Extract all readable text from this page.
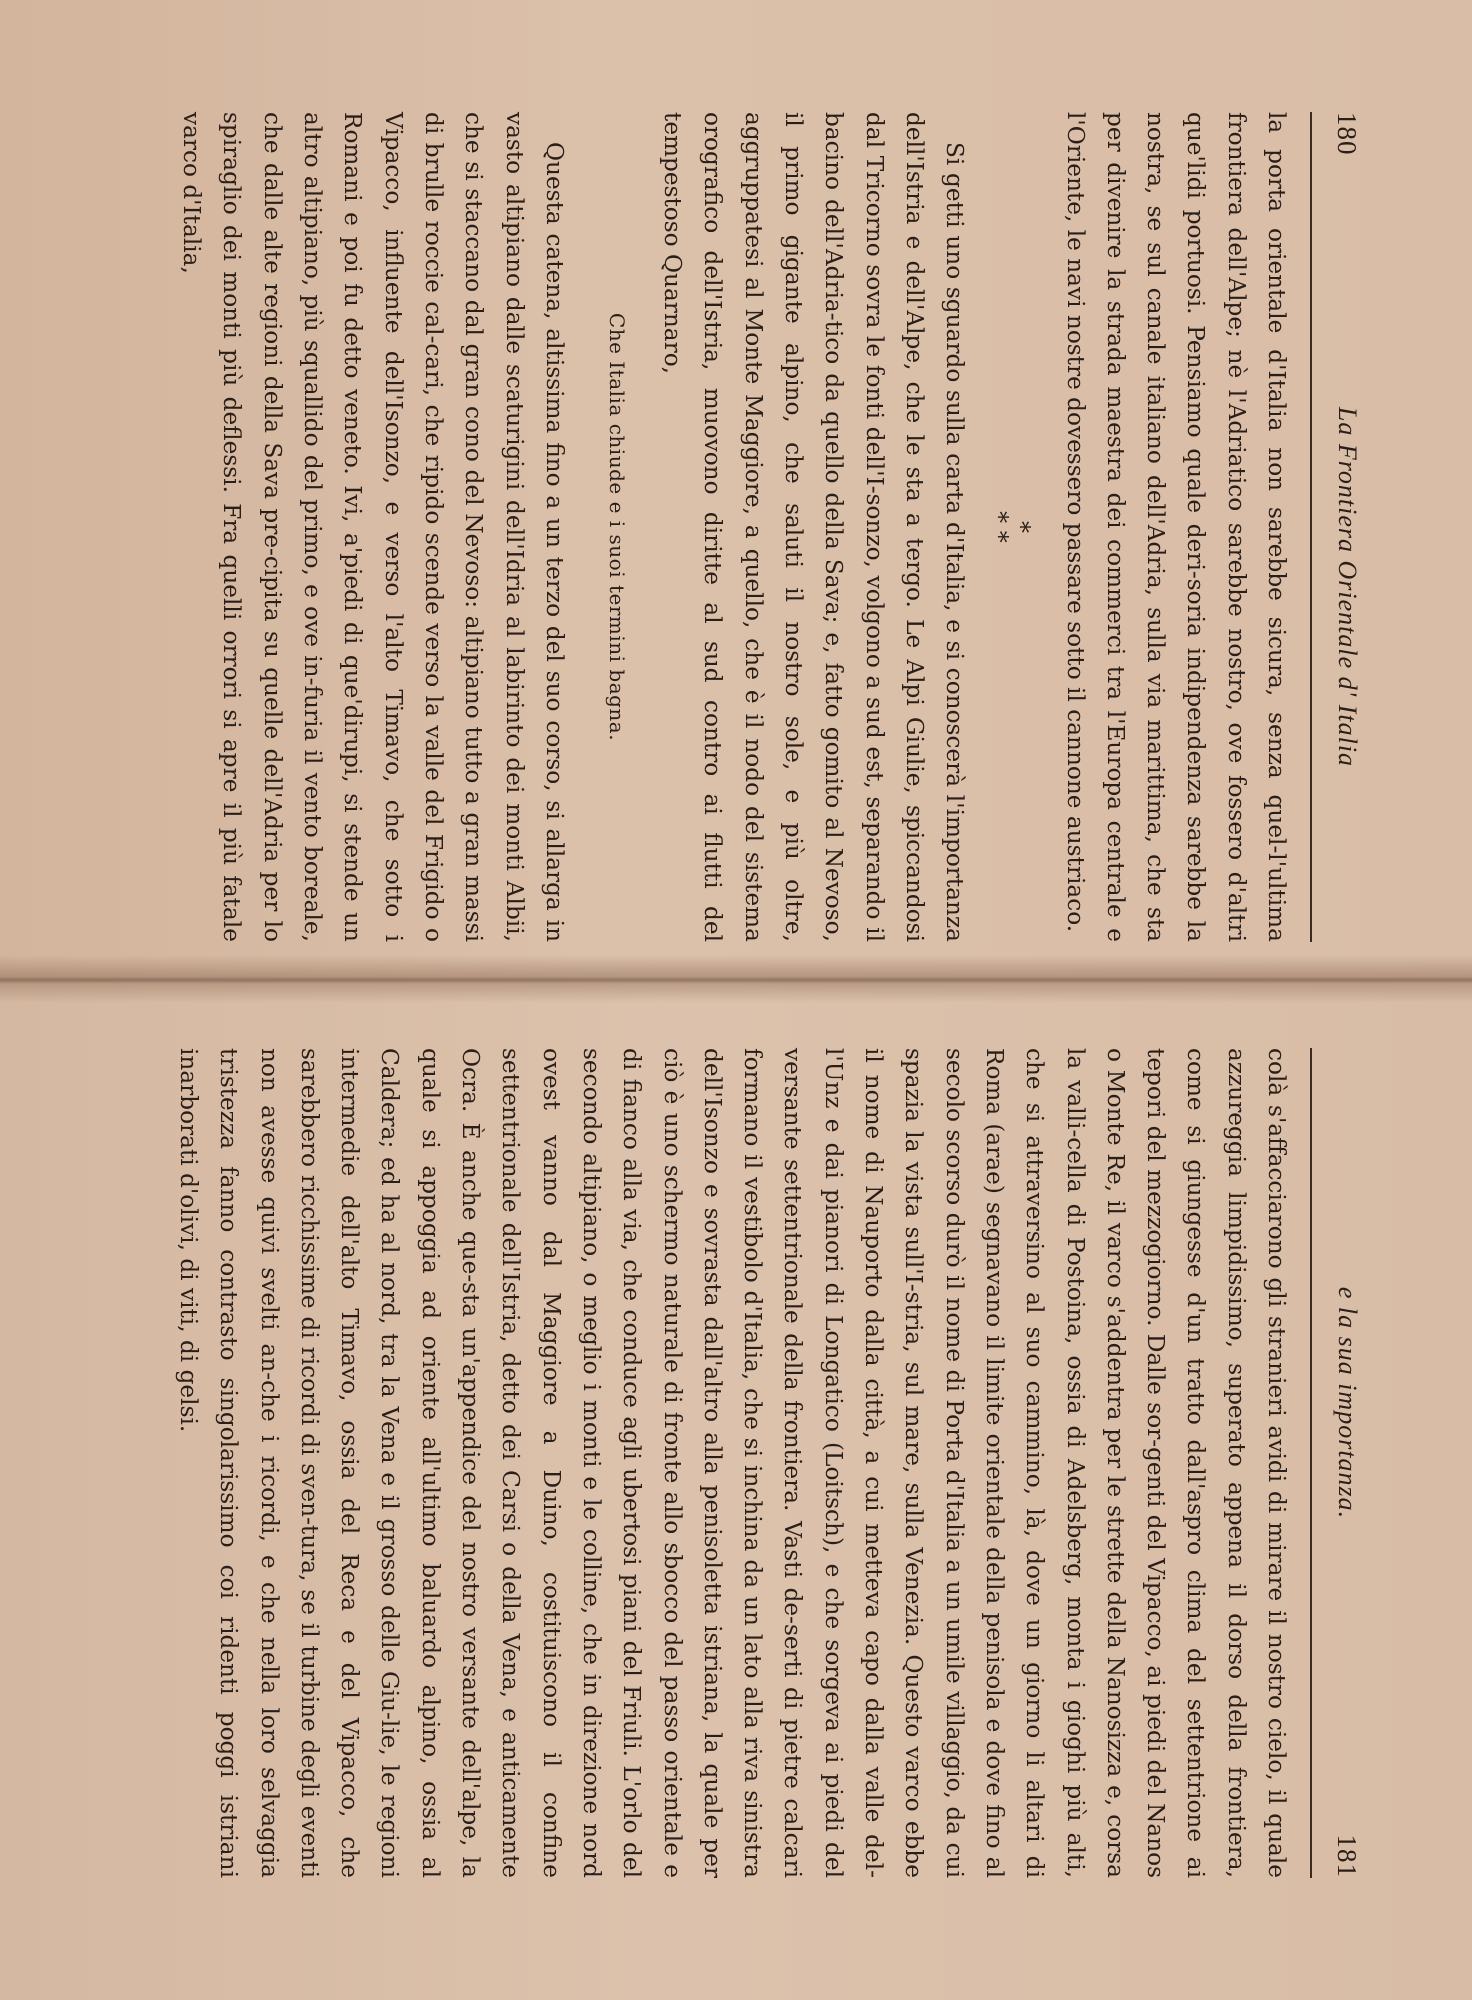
180
La Frontiera Orientale d' Italia

la porta orientale d'Italia non sarebbe sicura, senza quel-l'ultima frontiera dell'Alpe; nè l'Adriatico sarebbe nostro, ove fossero d'altri que'lidi portuosi. Pensiamo quale deri-soria indipendenza sarebbe la nostra, se sul canale italiano dell'Adria, sulla via marittima, che sta per divenire la strada maestra dei commerci tra l'Europa centrale e l'Oriente, le navi nostre dovessero passare sotto il cannone austriaco.

*
* *

Si getti uno sguardo sulla carta d'Italia, e si conoscerà l'importanza dell'Istria e dell'Alpe, che le sta a tergo. Le Alpi Giulie, spiccandosi dal Tricorno sovra le fonti dell'I-sonzo, volgono a sud est, separando il bacino dell'Adria-tico da quello della Sava; e, fatto gomito al Nevoso, il primo gigante alpino, che saluti il nostro sole, e più oltre, aggruppatesi al Monte Maggiore, a quello, che è il nodo del sistema orografico dell'Istria, muovono diritte al sud contro ai flutti del tempestoso Quarnaro,

Che Italia chiude e i suoi termini bagna.

Questa catena, altissima fino a un terzo del suo corso, si allarga in vasto altipiano dalle scaturigini dell'Idria al labirinto dei monti Albii, che si staccano dal gran cono del Nevoso: altipiano tutto a gran massi di brulle roccie cal-cari, che ripido scende verso la valle del Frigido o Vipacco, influente dell'Isonzo, e verso l'alto Timavo, che sotto i Romani e poi fu detto veneto. Ivi, a'piedi di que'dirupi, si stende un altro altipiano, più squallido del primo, e ove in-furia il vento boreale, che dalle alte regioni della Sava pre-cipita su quelle dell'Adria per lo spiraglio dei monti più deflessi. Fra quelli orrori si apre il più fatale varco d'Italia,

e la sua importanza.
181

colà s'affacciarono gli stranieri avidi di mirare il nostro cielo, il quale azzureggia limpidissimo, superato appena il dorso della frontiera, come si giungesse d'un tratto dall'aspro clima del settentrione ai tepori del mezzogiorno. Dalle sor-genti del Vipacco, ai piedi del Nanos o Monte Re, il varco s'addentra per le strette della Nanosizza e, corsa la valli-cella di Postoina, ossia di Adelsberg, monta i gioghi più alti, che si attraversino al suo cammino, là, dove un giorno li altari di Roma (arae) segnavano il limite orientale della penisola e dove fino al secolo scorso durò il nome di Porta d'Italia a un umile villaggio, da cui spazia la vista sull'I-stria, sul mare, sulla Venezia. Questo varco ebbe il nome di Nauporto dalla città, a cui metteva capo dalla valle del-l'Unz e dai pianori di Longatico (Loitsch), e che sorgeva ai piedi del versante settentrionale della frontiera. Vasti de-serti di pietre calcari formano il vestibolo d'Italia, che si inchina da un lato alla riva sinistra dell'Isonzo e sovrasta dall'altro alla penisoletta istriana, la quale per ciò è uno schermo naturale di fronte allo sbocco del passo orientale e di fianco alla via, che conduce agli ubertosi piani del Friuli. L'orlo del secondo altipiano, o meglio i monti e le colline, che in direzione nord ovest vanno dal Maggiore a Duino, costituiscono il confine settentrionale dell'Istria, detto dei Carsi o della Vena, e anticamente Ocra. È anche que-sta un'appendice del nostro versante dell'alpe, la quale si appoggia ad oriente all'ultimo baluardo alpino, ossia al Caldera; ed ha al nord, tra la Vena e il grosso delle Giu-lie, le regioni intermedie dell'alto Timavo, ossia del Reca e del Vipacco, che sarebbero ricchissime di ricordi di sven-tura, se il turbine degli eventi non avesse quivi svelti an-che i ricordi, e che nella loro selvaggia tristezza fanno contrasto singolarissimo coi ridenti poggi istriani inarborati d'olivi, di viti, di gelsi.
